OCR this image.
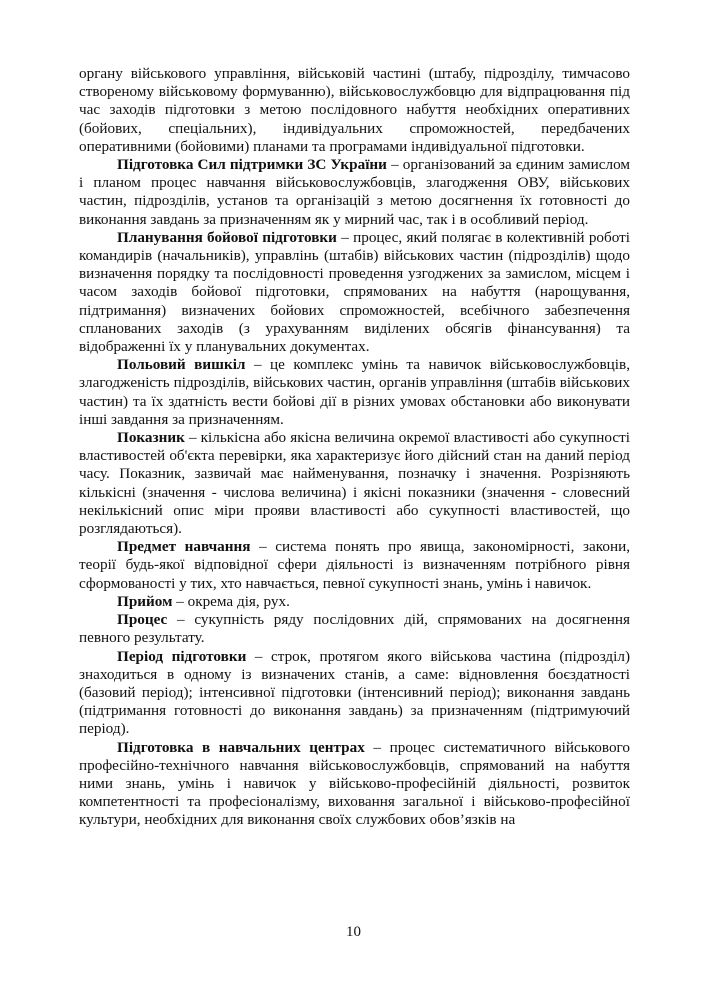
органу військового управління, військовій частині (штабу, підрозділу, тимчасово створеному військовому формуванню), військовослужбовцю для відпрацювання під час заходів підготовки з метою послідовного набуття необхідних оперативних (бойових, спеціальних), індивідуальних спроможностей, передбачених оперативними (бойовими) планами та програмами індивідуальної підготовки.

Підготовка Сил підтримки ЗС України – організований за єдиним замислом і планом процес навчання військовослужбовців, злагодження ОВУ, військових частин, підрозділів, установ та організацій з метою досягнення їх готовності до виконання завдань за призначенням як у мирний час, так і в особливий період.

Планування бойової підготовки – процес, який полягає в колективній роботі командирів (начальників), управлінь (штабів) військових частин (підрозділів) щодо визначення порядку та послідовності проведення узгоджених за замислом, місцем і часом заходів бойової підготовки, спрямованих на набуття (нарощування, підтримання) визначених бойових спроможностей, всебічного забезпечення спланованих заходів (з урахуванням виділених обсягів фінансування) та відображенні їх у планувальних документах.

Польовий вишкіл – це комплекс умінь та навичок військовослужбовців, злагодженість підрозділів, військових частин, органів управління (штабів військових частин) та їх здатність вести бойові дії в різних умовах обстановки або виконувати інші завдання за призначенням.

Показник – кількісна або якісна величина окремої властивості або сукупності властивостей об'єкта перевірки, яка характеризує його дійсний стан на даний період часу. Показник, зазвичай має найменування, позначку і значення. Розрізняють кількісні (значення - числова величина) і якісні показники (значення - словесний некількісний опис міри прояви властивості або сукупності властивостей, що розглядаються).

Предмет навчання – система понять про явища, закономірності, закони, теорії будь-якої відповідної сфери діяльності із визначенням потрібного рівня сформованості у тих, хто навчається, певної сукупності знань, умінь і навичок.

Прийом – окрема дія, рух.

Процес – сукупність ряду послідовних дій, спрямованих на досягнення певного результату.

Період підготовки – строк, протягом якого військова частина (підрозділ) знаходиться в одному із визначених станів, а саме: відновлення боєздатності (базовий період); інтенсивної підготовки (інтенсивний період); виконання завдань (підтримання готовності до виконання завдань) за призначенням (підтримуючий період).

Підготовка в навчальних центрах – процес систематичного військового професійно-технічного навчання військовослужбовців, спрямований на набуття ними знань, умінь і навичок у військово-професійній діяльності, розвиток компетентності та професіоналізму, виховання загальної і військово-професійної культури, необхідних для виконання своїх службових обов’язків на

10
